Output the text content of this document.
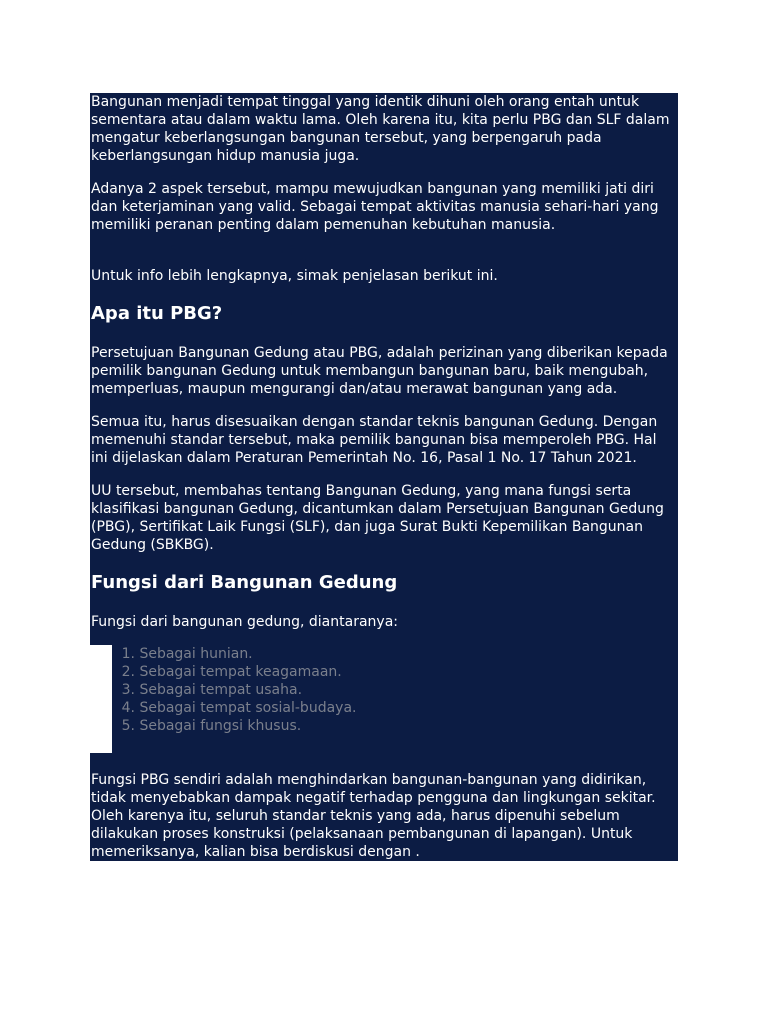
Bangunan menjadi tempat tinggal yang identik dihuni oleh orang entah untuk sementara atau dalam waktu lama. Oleh karena itu, kita perlu PBG dan SLF dalam mengatur keberlangsungan bangunan tersebut, yang berpengaruh pada keberlangsungan hidup manusia juga.

Adanya 2 aspek tersebut, mampu mewujudkan bangunan yang memiliki jati diri dan keterjaminan yang valid. Sebagai tempat aktivitas manusia sehari-hari yang memiliki peranan penting dalam pemenuhan kebutuhan manusia.

Untuk info lebih lengkapnya, simak penjelasan berikut ini.

Apa itu PBG?

Persetujuan Bangunan Gedung atau PBG, adalah perizinan yang diberikan kepada pemilik bangunan Gedung untuk membangun bangunan baru, baik mengubah, memperluas, maupun mengurangi dan/atau merawat bangunan yang ada.

Semua itu, harus disesuaikan dengan standar teknis bangunan Gedung. Dengan memenuhi standar tersebut, maka pemilik bangunan bisa memperoleh PBG. Hal ini dijelaskan dalam Peraturan Pemerintah No. 16, Pasal 1 No. 17 Tahun 2021.

UU tersebut, membahas tentang Bangunan Gedung, yang mana fungsi serta klasifikasi bangunan Gedung, dicantumkan dalam Persetujuan Bangunan Gedung (PBG), Sertifikat Laik Fungsi (SLF), dan juga Surat Bukti Kepemilikan Bangunan Gedung (SBKBG).

Fungsi dari Bangunan Gedung

Fungsi dari bangunan gedung, diantaranya:

1. Sebagai hunian.
2. Sebagai tempat keagamaan.
3. Sebagai tempat usaha.
4. Sebagai tempat sosial-budaya.
5. Sebagai fungsi khusus.

Fungsi PBG sendiri adalah menghindarkan bangunan-bangunan yang didirikan, tidak menyebabkan dampak negatif terhadap pengguna dan lingkungan sekitar. Oleh karenya itu, seluruh standar teknis yang ada, harus dipenuhi sebelum dilakukan proses konstruksi (pelaksanaan pembangunan di lapangan). Untuk memeriksanya, kalian bisa berdiskusi dengan .
